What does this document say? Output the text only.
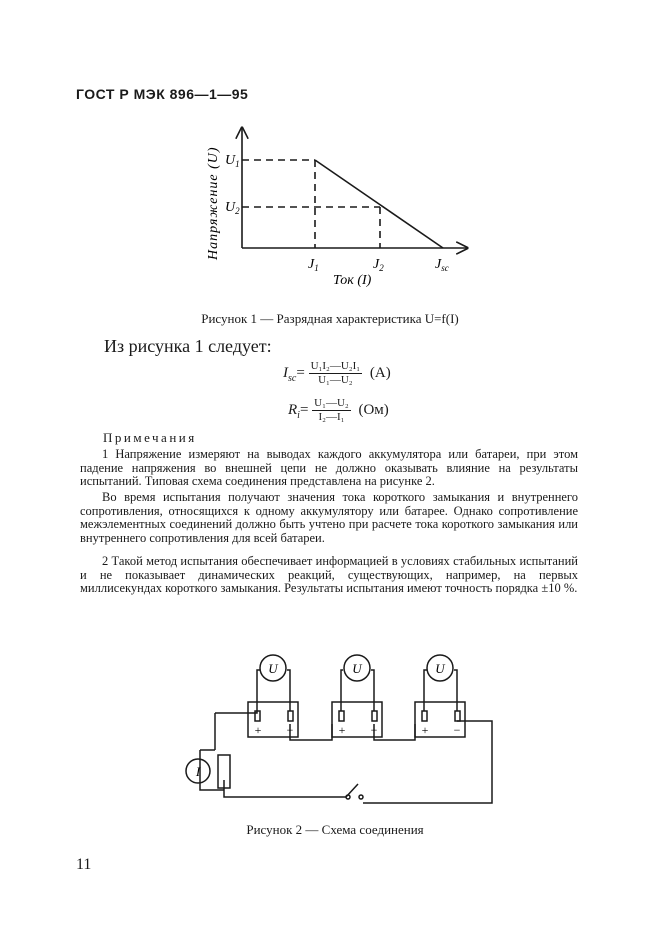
ГОСТ Р МЭК 896—1—95
Напряжение (U)
Ток (I)
$U_1$
$U_2$
$J_1$	$J_2$	$J_{sc}$
Рисунок 1 — Разрядная характеристика U=f(I)
Из рисунка 1 следует:
$I_{sc}= \frac{\text{U₁I₂—U₂I₁}}{\text{U₁—U₂}} (А)$
$R_i= \frac{\text{U₁—U₂}}{\text{I₂—I₁}} (Ом)$
Примечания
1 Напряжение измеряют на выводах каждого аккумулятора или батареи, при этом падение напряжения во внешней цепи не должно оказывать влияние на результаты испытаний. Типовая схема соединения представлена на рисунке 2.
Во время испытания получают значения тока короткого замыкания и внутреннего сопротивления, относящихся к одному аккумулятору или батарее. Однако сопротивление межэлементных соединений должно быть учтено при расчете тока короткого замыкания или внутреннего сопротивления для всей батареи.
2 Такой метод испытания обеспечивает информацией в условиях стабильных испытаний и не показывает динамических реакций, существующих, например, на первых миллисекундах короткого замыкания. Результаты испытания имеют точность порядка ±10 %.
U	U	U
I
+ −	+ −	+ −
Рисунок 2 — Схема соединения
11
